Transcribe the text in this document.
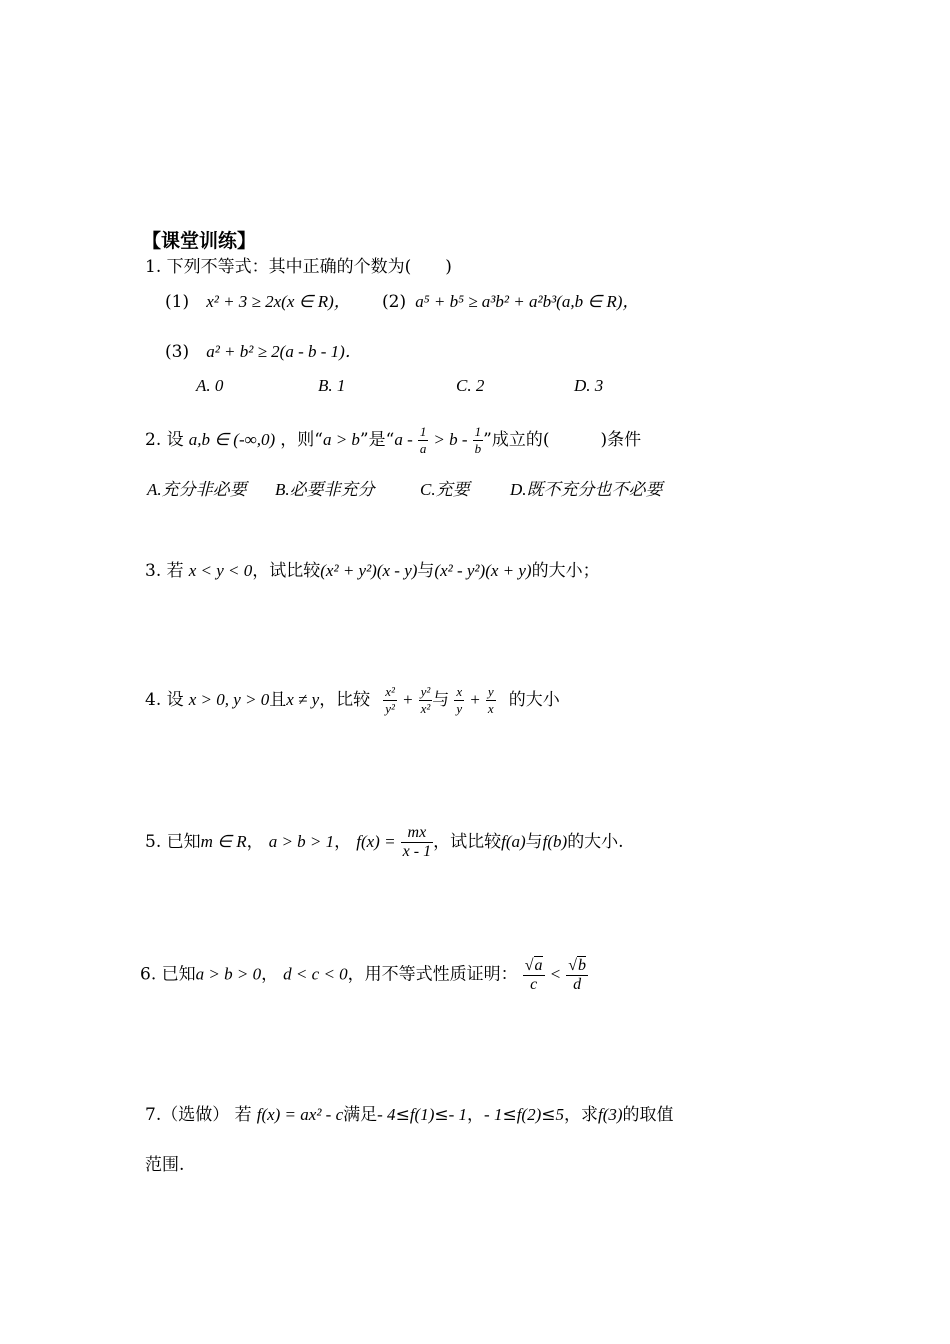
【课堂训练】
1. 下列不等式：其中正确的个数为(　　)
(1) x² + 3 ≥ 2x(x ∈ R)， (2) a⁵ + b⁵ ≥ a³b² + a²b³(a,b ∈ R)，
(3) a² + b² ≥ 2(a - b - 1)．
A. 0	B. 1	C. 2	D. 3
2. 设 a,b ∈ (-∞,0) ，则“a > b”是“$a - \frac{1}{a} > b - \frac{1}{b}$ ”成立的(　　　)条件
A.充分非必要 B.必要非充分	C.充要 D.既不充分也不必要
3. 若 x < y < 0，试比较(x² + y²)(x - y)与(x² - y²)(x + y)的大小；
4. 设 x > 0, y > 0且x ≠ y，比较 $\frac{\text{x²}}{\text{y²}} + \frac{\text{y²}}{\text{x²}}$ 与 $\frac{x}{y} + \frac{y}{x}$ 的大小
5. 已知m ∈ R， a > b > 1， $f(x) = \frac{mx}{x - 1}$ ，试比较f(a)与f(b)的大小.
6. 已知a > b > 0， d < c < 0，用不等式性质证明： $\frac{√a}{c} < \frac{√b}{d}$
7.（选做） 若 f(x) = ax² - c满足- 4≤f(1)≤- 1，- 1≤f(2)≤5，求f(3)的取值
范围.
